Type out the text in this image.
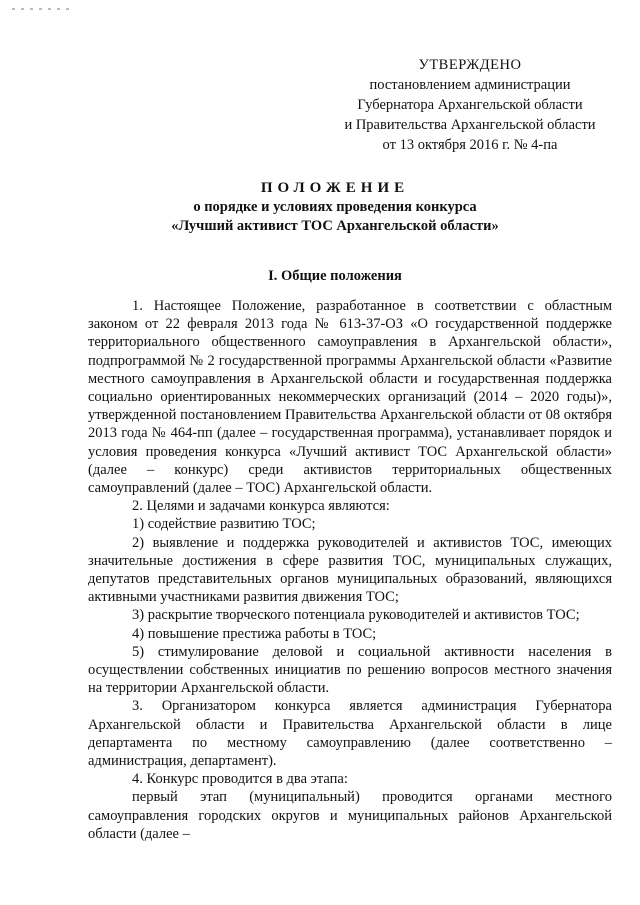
УТВЕРЖДЕНО
постановлением администрации
Губернатора Архангельской области
и Правительства Архангельской области
от 13 октября 2016 г. № 4-па
ПОЛОЖЕНИЕ
о порядке и условиях проведения конкурса
«Лучший активист ТОС Архангельской области»
I. Общие положения

1. Настоящее Положение, разработанное в соответствии с областным законом от 22 февраля 2013 года № 613-37-ОЗ «О государственной поддержке территориального общественного самоуправления в Архангельской области», подпрограммой № 2 государственной программы Архангельской области «Развитие местного самоуправления в Архангельской области и государственная поддержка социально ориентированных некоммерческих организаций (2014 – 2020 годы)», утвержденной постановлением Правительства Архангельской области от 08 октября 2013 года № 464-пп (далее – государственная программа), устанавливает порядок и условия проведения конкурса «Лучший активист ТОС Архангельской области» (далее – конкурс) среди активистов территориальных общественных самоуправлений (далее – ТОС) Архангельской области.

2. Целями и задачами конкурса являются:

1) содействие развитию ТОС;

2) выявление и поддержка руководителей и активистов ТОС, имеющих значительные достижения в сфере развития ТОС, муниципальных служащих, депутатов представительных органов муниципальных образований, являющихся активными участниками развития движения ТОС;

3) раскрытие творческого потенциала руководителей и активистов ТОС;

4) повышение престижа работы в ТОС;

5) стимулирование деловой и социальной активности населения в осуществлении собственных инициатив по решению вопросов местного значения на территории Архангельской области.

3. Организатором конкурса является администрация Губернатора Архангельской области и Правительства Архангельской области в лице департамента по местному самоуправлению (далее соответственно – администрация, департамент).

4. Конкурс проводится в два этапа:

первый этап (муниципальный) проводится органами местного самоуправления городских округов и муниципальных районов Архангельской области (далее –
